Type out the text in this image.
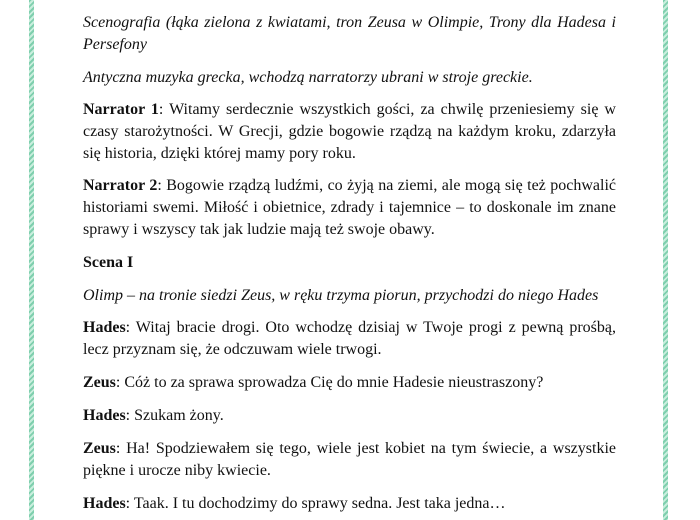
Scenografia (łąka zielona z kwiatami, tron Zeusa w Olimpie, Trony dla Hadesa i Persefony

Antyczna muzyka grecka, wchodzą narratorzy ubrani w stroje greckie.

Narrator 1: Witamy serdecznie wszystkich gości, za chwilę przeniesiemy się w czasy starożytności. W Grecji, gdzie bogowie rządzą na każdym kroku, zdarzyła się historia, dzięki której mamy pory roku.

Narrator 2: Bogowie rządzą ludźmi, co żyją na ziemi, ale mogą się też pochwalić historiami swemi. Miłość i obietnice, zdrady i tajemnice – to doskonale im znane sprawy i wszyscy tak jak ludzie mają też swoje obawy.

Scena I

Olimp – na tronie siedzi Zeus, w ręku trzyma piorun, przychodzi do niego Hades

Hades: Witaj bracie drogi. Oto wchodzę dzisiaj w Twoje progi z pewną prośbą, lecz przyznam się, że odczuwam wiele trwogi.

Zeus: Cóż to za sprawa sprowadza Cię do mnie Hadesie nieustraszony?

Hades: Szukam żony.

Zeus: Ha! Spodziewałem się tego, wiele jest kobiet na tym świecie, a wszystkie piękne i urocze niby kwiecie.

Hades: Taak. I tu dochodzimy do sprawy sedna. Jest taka jedna…
